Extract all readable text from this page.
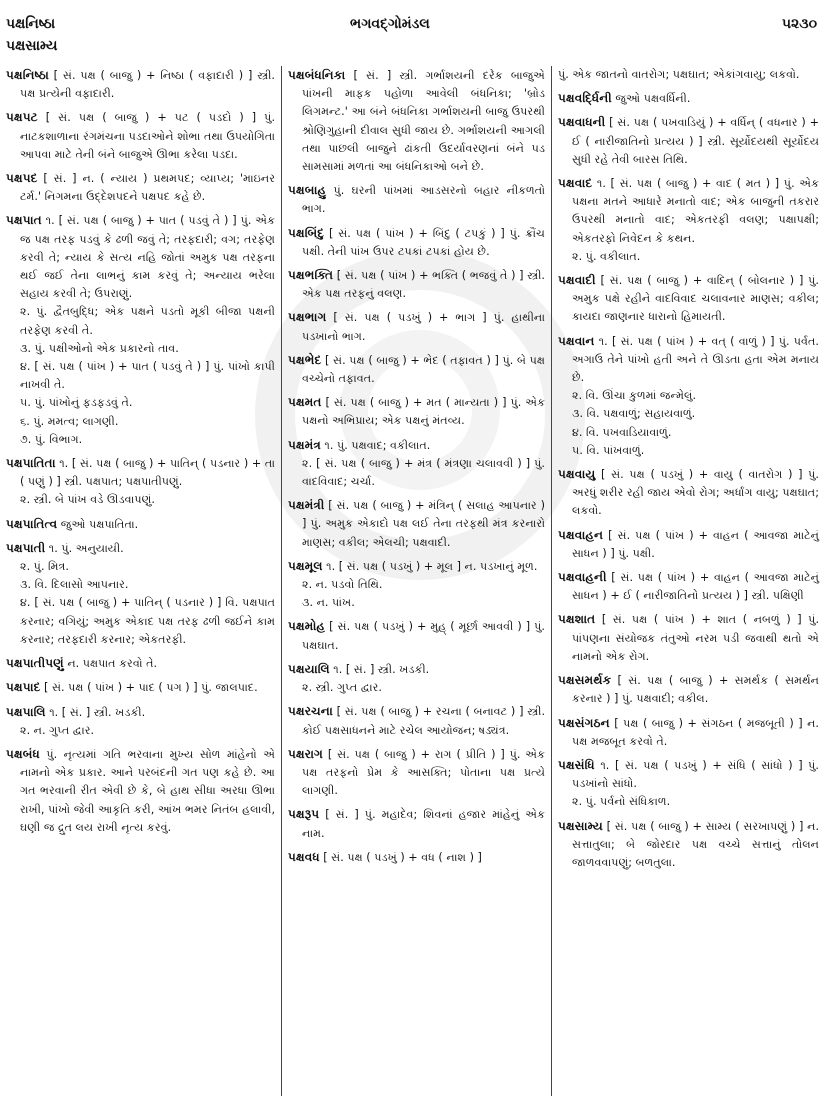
પક્ષનિષ્ઠા
પક્ષસામ્ય
ભગવદ્ગોમંડલ	૫૨૩૦
પક્ષનિષ્ઠા [ સં. પક્ષ ( બાજુ ) + નિષ્ઠા ( વફાદારી ) ] સ્ત્રી. પક્ષ પ્રત્યેની વફાદારી.
પક્ષપટ [ સં. પક્ષ ( બાજુ ) + પટ ( પડદો ) ] પું. નાટકશાળાના રંગમંચના પડદાઓને શોભા તથા ઉપયોગિતા આપવા માટે તેની બંને બાજુએ ઊભા કરેલા પડદા.
પક્ષપદ [ સં. ] ન. ( ન્યાય ) પ્રથમપદ; વ્યાપ્ય; 'માઇનર ટર્મ.' નિગમના ઉદ્દેશપદને પક્ષપદ કહે છે.
પક્ષપાત ૧. [ સં. પક્ષ ( બાજુ ) + પાત ( પડવું તે ) ] પું. એક જ પક્ષ તરફ પડવું કે ઢળી જવું તે; તરફદારી; વગ; તરફેણ કરવી તે; ન્યાય કે સત્ય નહિ જોતાં અમુક પક્ષ તરફના થઈ જઈ તેના લાભનું કામ કરવું તે; અન્યાય ભરેલા સહાય કરવી તે; ઉપરાણું.
૨. પું. દ્વૈતબુદ્ધિ; એક પક્ષને પડતો મૂકી બીજા પક્ષની તરફેણ કરવી તે.
૩. પું. પક્ષીઓનો એક પ્રકારનો તાવ.
૪. [ સં. પક્ષ ( પાંખ ) + પાત ( પડવું તે ) ] પું. પાંખો કાપી નાખવી તે.
૫. પું. પાંખોનું ફડફડવું તે.
૬. પું. મમત્વ; લાગણી.
૭. પું. વિભાગ.
પક્ષપાતિતા ૧. [ સં. પક્ષ ( બાજુ ) + પાતિન્ ( પડનાર ) + તા ( પણું ) ] સ્ત્રી. પક્ષપાત; પક્ષપાતીપણું.
૨. સ્ત્રી. બે પાંખ વડે ઊડવાપણું.
પક્ષપાતિત્વ જુઓ પક્ષપાતિતા.
પક્ષપાતી ૧. પું. અનુયાયી.
૨. પું. મિત્ર.
૩. વિ. દિલાસો આપનાર.
૪. [ સં. પક્ષ ( બાજુ ) + પાતિન્ ( પડનાર ) ] વિ. પક્ષપાત કરનાર; વગિયું; અમુક એકાદ પક્ષ તરફ ઢળી જઈને કામ કરનાર; તરફદારી કરનાર; એકતરફી.
પક્ષપાતીપણું ન. પક્ષપાત કરવો તે.
પક્ષપાદ [ સં. પક્ષ ( પાંખ ) + પાદ ( પગ ) ] પું. જાલપાદ.
પક્ષપાલિ ૧. [ સં. ] સ્ત્રી. ખડકી.
૨. ન. ગુપ્ત દ્વાર.
પક્ષબંધ પું. નૃત્યમાં ગતિ ભરવાના મુખ્ય સોળ માંહેનો એ નામનો એક પ્રકાર. આને પરબંદની ગત પણ કહે છે. આ ગત ભરવાની રીત એવી છે કે, બે હાથ સીધા અરધા ઊભા રાખી, પાંખો જેવી આકૃતિ કરી, આંખ ભમર નિતંબ હલાવી, ઘણી જ દ્રુત લય રાખી નૃત્ય કરવું.
પક્ષબંધનિકા [ સં. ] સ્ત્રી. ગર્ભાશયની દરેક બાજુએ પાંખની માફક પહોળા આવેલી બંધનિકા; 'બ્રોડ લિગમન્ટ.' આ બંને બંધનિકા ગર્ભાશયની બાજુ ઉપરથી શ્રોણિગુહાની દીવાલ સુધી જાય છે. ગર્ભાશયની આગલી તથા પાછલી બાજુને ઢાંકતી ઉદર્યાવરણનાં બંને પડ સામસામાં મળતાં આ બંધનિકાઓ બને છે.
પક્ષબાહુ પું. ઘરની પાંખમાં આડસરનો બહાર નીકળતો ભાગ.
પક્ષબિંદુ [ સં. પક્ષ ( પાંખ ) + બિંદુ ( ટપકું ) ] પું. ક્રૌંચ પક્ષી. તેની પાંખ ઉપર ટપકાં ટપકાં હોય છે.
પક્ષભક્તિ [ સં. પક્ષ ( પાંખ ) + ભક્તિ ( ભજવું તે ) ] સ્ત્રી. એક પક્ષ તરફનું વલણ.
પક્ષભાગ [ સં. પક્ષ ( પડખું ) + ભાગ ] પું. હાથીના પડખાનો ભાગ.
પક્ષભેદ [ સં. પક્ષ ( બાજુ ) + ભેદ ( તફાવત ) ] પું. બે પક્ષ વચ્ચેનો તફાવત.
પક્ષમત [ સં. પક્ષ ( બાજુ ) + મત ( માન્યતા ) ] પું. એક પક્ષનો અભિપ્રાય; એક પક્ષનું મંતવ્ય.
પક્ષમંત્ર ૧. પું. પક્ષવાદ; વકીલાત.
૨. [ સં. પક્ષ ( બાજુ ) + મંત્ર ( મંત્રણા ચલાવવી ) ] પું. વાદવિવાદ; ચર્ચા.
પક્ષમંત્રી [ સં. પક્ષ ( બાજુ ) + મંત્રિન્ ( સલાહ આપનાર ) ] પું. અમુક એકાદો પક્ષ લઈ તેના તરફથી મંત્ર કરનારો માણસ; વકીલ; એલચી; પક્ષવાદી.
પક્ષમૂલ ૧. [ સં. પક્ષ ( પડખું ) + મૂલ ] ન. પડખાનું મૂળ.
૨. ન. પડવો તિથિ.
૩. ન. પાંખ.
પક્ષમોહ [ સં. પક્ષ ( પડખું ) + મુહ્ ( મૂર્છા આવવી ) ] પું. પક્ષઘાત.
પક્ષયાલિ ૧. [ સં. ] સ્ત્રી. ખડકી.
૨. સ્ત્રી. ગુપ્ત દ્વાર.
પક્ષરચના [ સં. પક્ષ ( બાજુ ) + રચના ( બનાવટ ) ] સ્ત્રી. કોઈ પક્ષસાધનને માટે રચેલ આયોજન; ષડ્યંત્ર.
પક્ષરાગ [ સં. પક્ષ ( બાજુ ) + રાગ ( પ્રીતિ ) ] પું. એક પક્ષ તરફનો પ્રેમ કે આસક્તિ; પોતાના પક્ષ પ્રત્યે લાગણી.
પક્ષરૂપ [ સં. ] પું. મહાદેવ; શિવનાં હજાર માંહેનું એક નામ.
પક્ષવધ [ સં. પક્ષ ( પડખું ) + વધ ( નાશ ) ]
પું. એક જાતનો વાતરોગ; પક્ષઘાત; એકાંગવાયુ; લકવો.
પક્ષવર્દ્ધિની જુઓ પક્ષવર્ધિની.
પક્ષવાધની [ સં. પક્ષ ( પખવાડિયું ) + વર્ધિન્ ( વધનાર ) + ઈ ( નારીજાતિનો પ્રત્યય ) ] સ્ત્રી. સૂર્યોદયથી સૂર્યોદય સુધી રહે તેવી બારસ તિથિ.
પક્ષવાદ ૧. [ સં. પક્ષ ( બાજુ ) + વાદ ( મત ) ] પું. એક પક્ષના મતને આધારે મનાતો વાદ; એક બાજુની તકરાર ઉપરથી મનાતો વાદ; એકતરફી વલણ; પક્ષાપક્ષી; એકતરફો નિવેદન કે કથન.
૨. પું. વકીલાત.
પક્ષવાદી [ સં. પક્ષ ( બાજુ ) + વાદિન્ ( બોલનાર ) ] પું. અમુક પક્ષે રહીને વાદવિવાદ ચલાવનાર માણસ; વકીલ; કાયદા જાણનાર ધારાનો હિમાયતી.
પક્ષવાન ૧. [ સં. પક્ષ ( પાંખ ) + વત્ ( વાળું ) ] પું. પર્વત. અગાઉ તેને પાંખો હતી અને તે ઊડતા હતા એમ મનાય છે.
૨. વિ. ઊંચા કુળમાં જન્મેલું.
૩. વિ. પક્ષવાળું; સહાયવાળું.
૪. વિ. પખવાડિયાવાળું.
૫. વિ. પાંખવાળું.
પક્ષવાયુ [ સં. પક્ષ ( પડખું ) + વાયુ ( વાતરોગ ) ] પું. અરધું શરીર રહી જાય એવો રોગ; અર્ધાંગ વાયુ; પક્ષઘાત; લકવો.
પક્ષવાહન [ સં. પક્ષ ( પાંખ ) + વાહન ( આવજા માટેનું સાધન ) ] પું. પક્ષી.
પક્ષવાહની [ સં. પક્ષ ( પાંખ ) + વાહન ( આવજા માટેનું સાધન ) + ઈ ( નારીજાતિનો પ્રત્યય ) ] સ્ત્રી. પક્ષિણી
પક્ષશાત [ સં. પક્ષ ( પાંખ ) + શાત ( નબળું ) ] પું. પાંપણના સંયોજક તંતુઓ નરમ પડી જવાથી થતો એ નામનો એક રોગ.
પક્ષસમર્થક [ સં. પક્ષ ( બાજુ ) + સમર્થક ( સમર્થન કરનાર ) ] પું. પક્ષવાદી; વકીલ.
પક્ષસંગઠન [ પક્ષ ( બાજુ ) + સંગઠન ( મજબૂતી ) ] ન. પક્ષ મજબૂત કરવો તે.
પક્ષસંધિ ૧. [ સં. પક્ષ ( પડખું ) + સંધિ ( સાંધો ) ] પું. પડખાંનો સાંધો.
૨. પું. પર્વનો સંધિકાળ.
પક્ષસામ્ય [ સં. પક્ષ ( બાજુ ) + સામ્ય ( સરખાપણું ) ] ન. સત્તાતુલા; બે જોરદાર પક્ષ વચ્ચે સત્તાનું તોલન જાળવવાપણું; બળતુલા.
